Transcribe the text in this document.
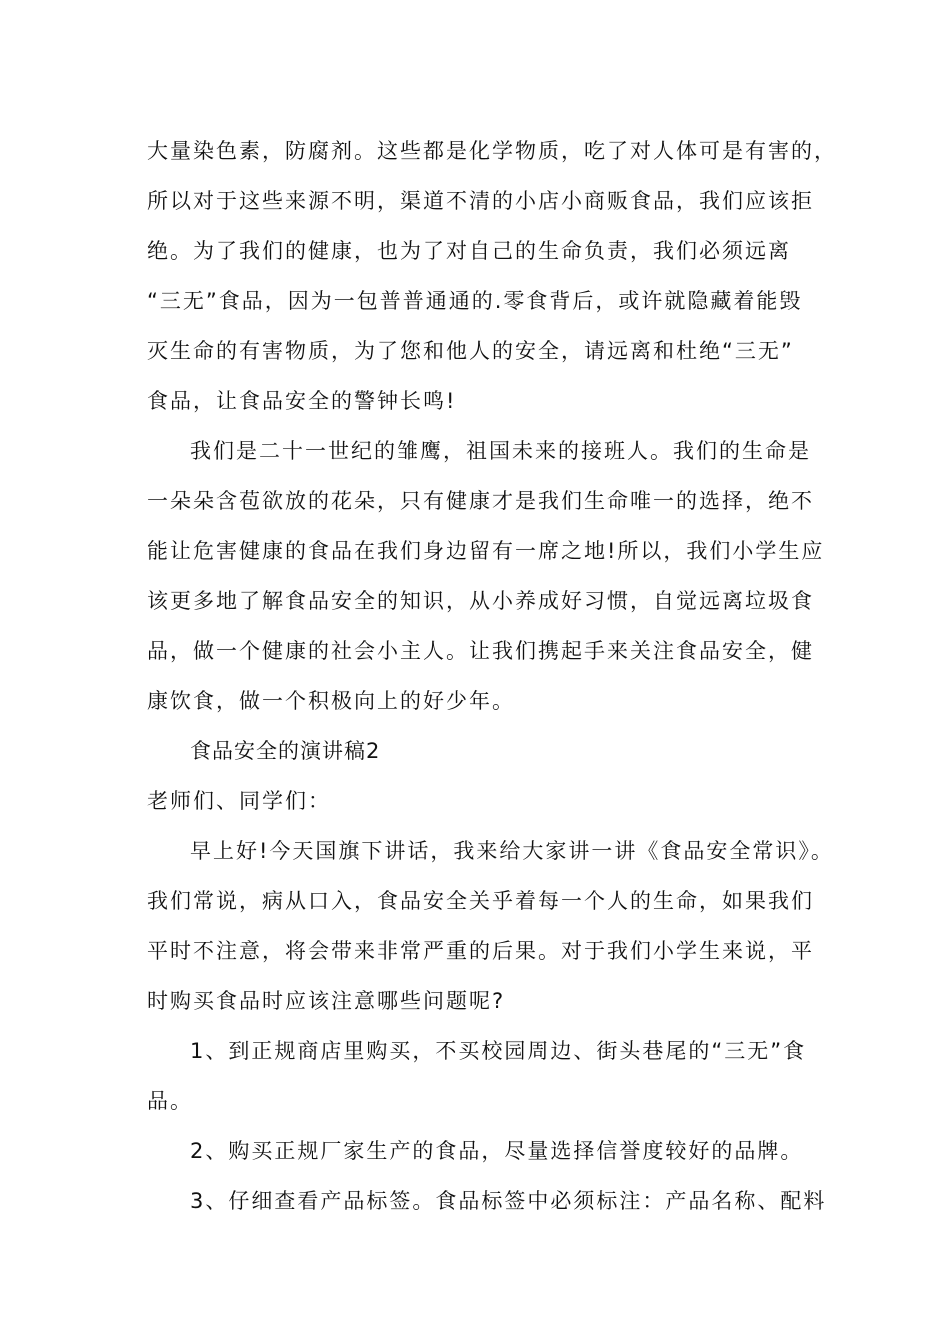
大量染色素，防腐剂。这些都是化学物质，吃了对人体可是有害的，
所以对于这些来源不明，渠道不清的小店小商贩食品，我们应该拒
绝。为了我们的健康，也为了对自己的生命负责，我们必须远离
“三无”食品，因为一包普普通通的.零食背后，或许就隐藏着能毁
灭生命的有害物质，为了您和他人的安全，请远离和杜绝“三无”
食品，让食品安全的警钟长鸣!
我们是二十一世纪的雏鹰，祖国未来的接班人。我们的生命是
一朵朵含苞欲放的花朵，只有健康才是我们生命唯一的选择，绝不
能让危害健康的食品在我们身边留有一席之地!所以，我们小学生应
该更多地了解食品安全的知识，从小养成好习惯，自觉远离垃圾食
品，做一个健康的社会小主人。让我们携起手来关注食品安全，健
康饮食，做一个积极向上的好少年。
食品安全的演讲稿2
老师们、同学们：
早上好!今天国旗下讲话，我来给大家讲一讲《食品安全常识》。
我们常说，病从口入，食品安全关乎着每一个人的生命，如果我们
平时不注意，将会带来非常严重的后果。对于我们小学生来说，平
时购买食品时应该注意哪些问题呢?
1、到正规商店里购买，不买校园周边、街头巷尾的“三无”食
品。
2、购买正规厂家生产的食品，尽量选择信誉度较好的品牌。
3、仔细查看产品标签。食品标签中必须标注：产品名称、配料
